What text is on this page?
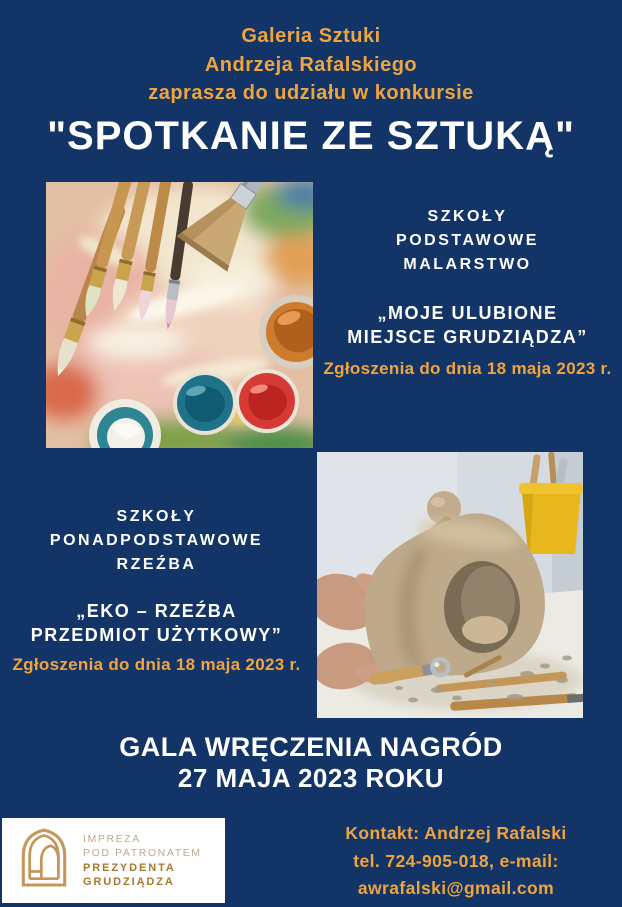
Galeria Sztuki
Andrzeja Rafalskiego
zaprasza do udziału w konkursie
"SPOTKANIE ZE SZTUKĄ"
SZKOŁY
PODSTAWOWE
MALARSTWO
„MOJE ULUBIONE
MIEJSCE GRUDZIĄDZA”
Zgłoszenia do dnia 18 maja 2023 r.
SZKOŁY
PONADPODSTAWOWE
RZEŹBA
„EKO – RZEŹBA
PRZEDMIOT UŻYTKOWY”
Zgłoszenia do dnia 18 maja 2023 r.
GALA WRĘCZENIA NAGRÓD
27 MAJA 2023 ROKU
IMPREZA
POD PATRONATEM
PREZYDENTA
GRUDZIĄDZA
Kontakt: Andrzej Rafalski
tel. 724-905-018, e-mail:
awrafalski@gmail.com
